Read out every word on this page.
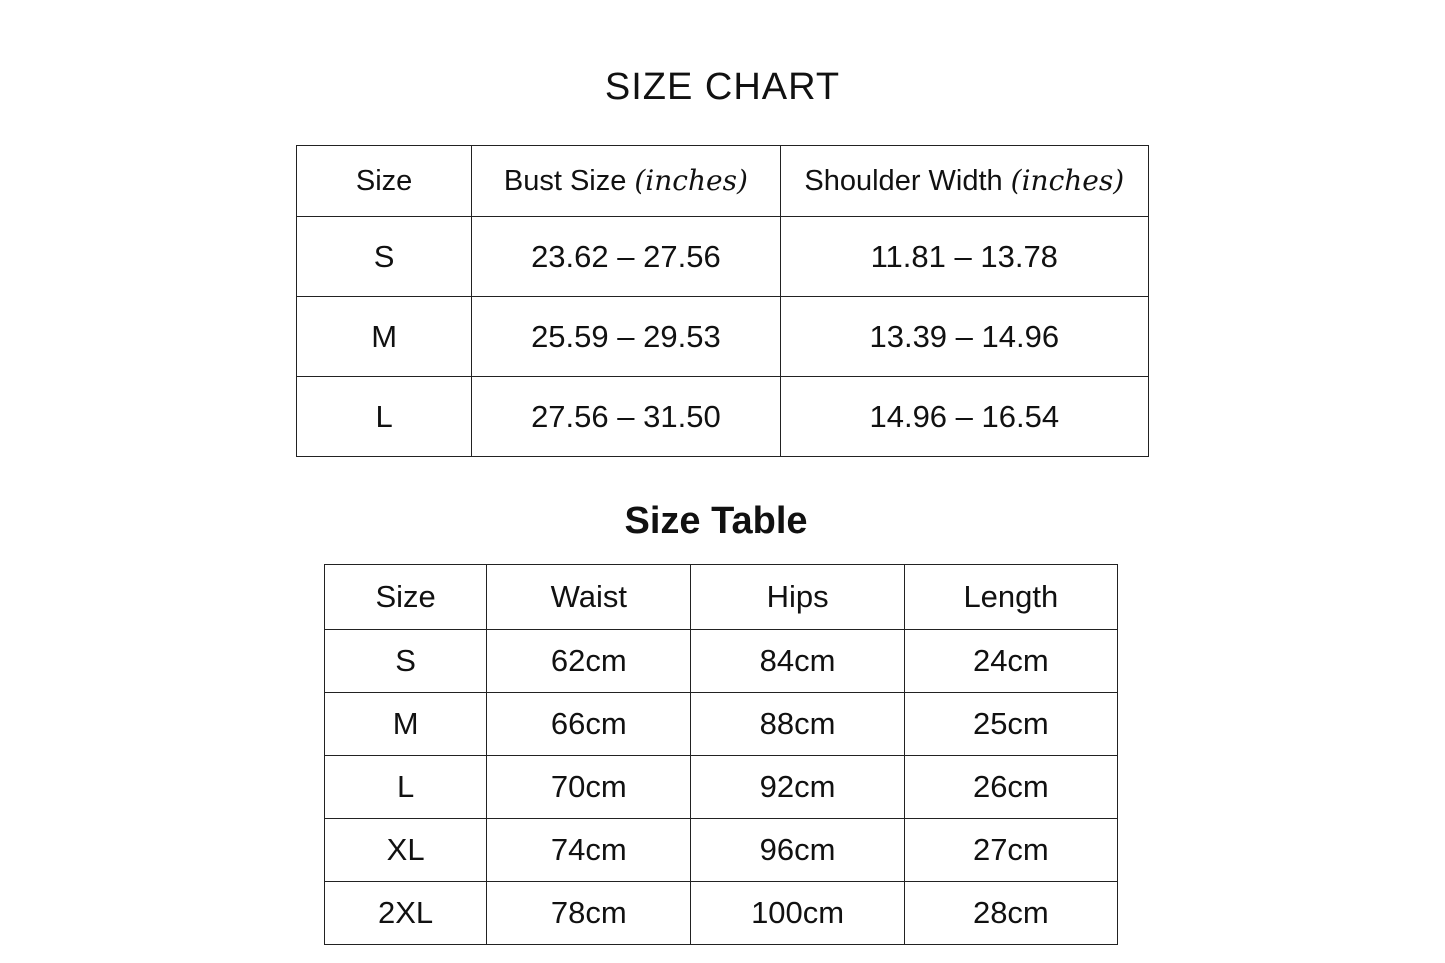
SIZE CHART
Size	Bust Size (inches)	Shoulder Width (inches)
S	23.62 – 27.56	11.81 – 13.78
M	25.59 – 29.53	13.39 – 14.96
L	27.56 – 31.50	14.96 – 16.54
Size Table
Size	Waist	Hips	Length
S	62cm	84cm	24cm
M	66cm	88cm	25cm
L	70cm	92cm	26cm
XL	74cm	96cm	27cm
2XL	78cm	100cm	28cm
